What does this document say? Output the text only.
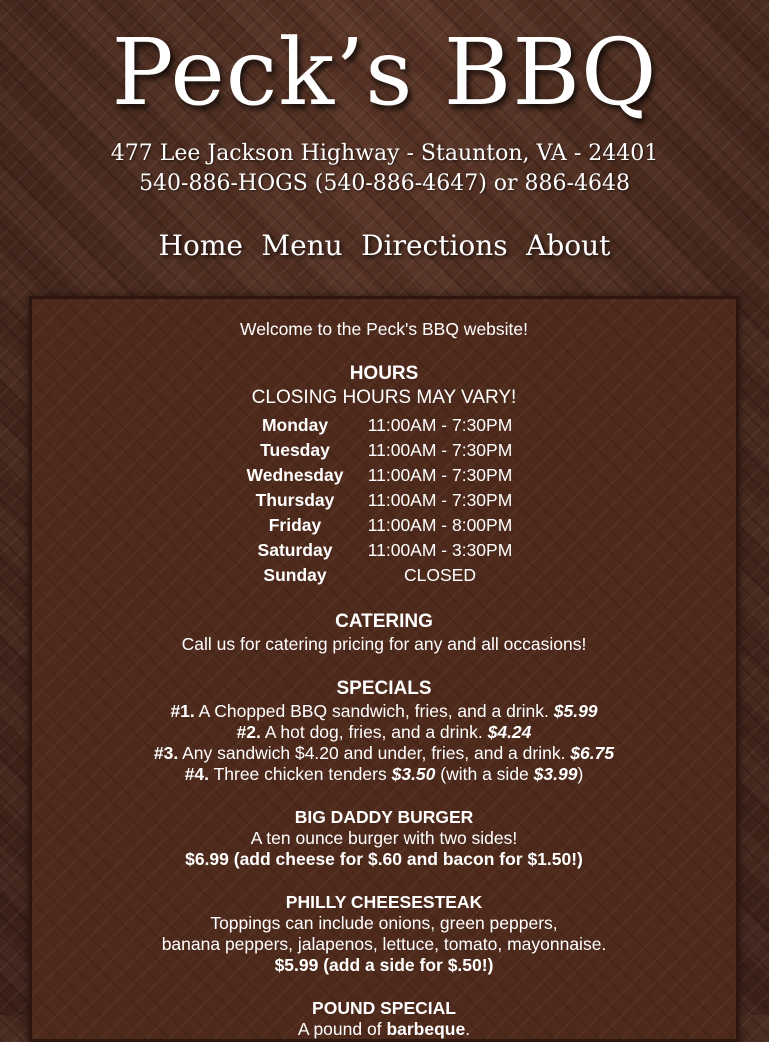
Peck’s BBQ
477 Lee Jackson Highway - Staunton, VA - 24401
540-886-HOGS (540-886-4647) or 886-4648
Home Menu Directions About

Welcome to the Peck's BBQ website!

HOURS

CLOSING HOURS MAY VARY!

Monday	11:00AM - 7:30PM
Tuesday	11:00AM - 7:30PM
Wednesday	11:00AM - 7:30PM
Thursday	11:00AM - 7:30PM
Friday	11:00AM - 8:00PM
Saturday	11:00AM - 3:30PM
Sunday	CLOSED

CATERING

Call us for catering pricing for any and all occasions!

SPECIALS

#1. A Chopped BBQ sandwich, fries, and a drink. $5.99

#2. A hot dog, fries, and a drink. $4.24

#3. Any sandwich $4.20 and under, fries, and a drink. $6.75

#4. Three chicken tenders $3.50 (with a side $3.99)

BIG DADDY BURGER

A ten ounce burger with two sides!

$6.99 (add cheese for $.60 and bacon for $1.50!)

PHILLY CHEESESTEAK

Toppings can include onions, green peppers,

banana peppers, jalapenos, lettuce, tomato, mayonnaise.

$5.99 (add a side for $.50!)

POUND SPECIAL

A pound of barbeque.
